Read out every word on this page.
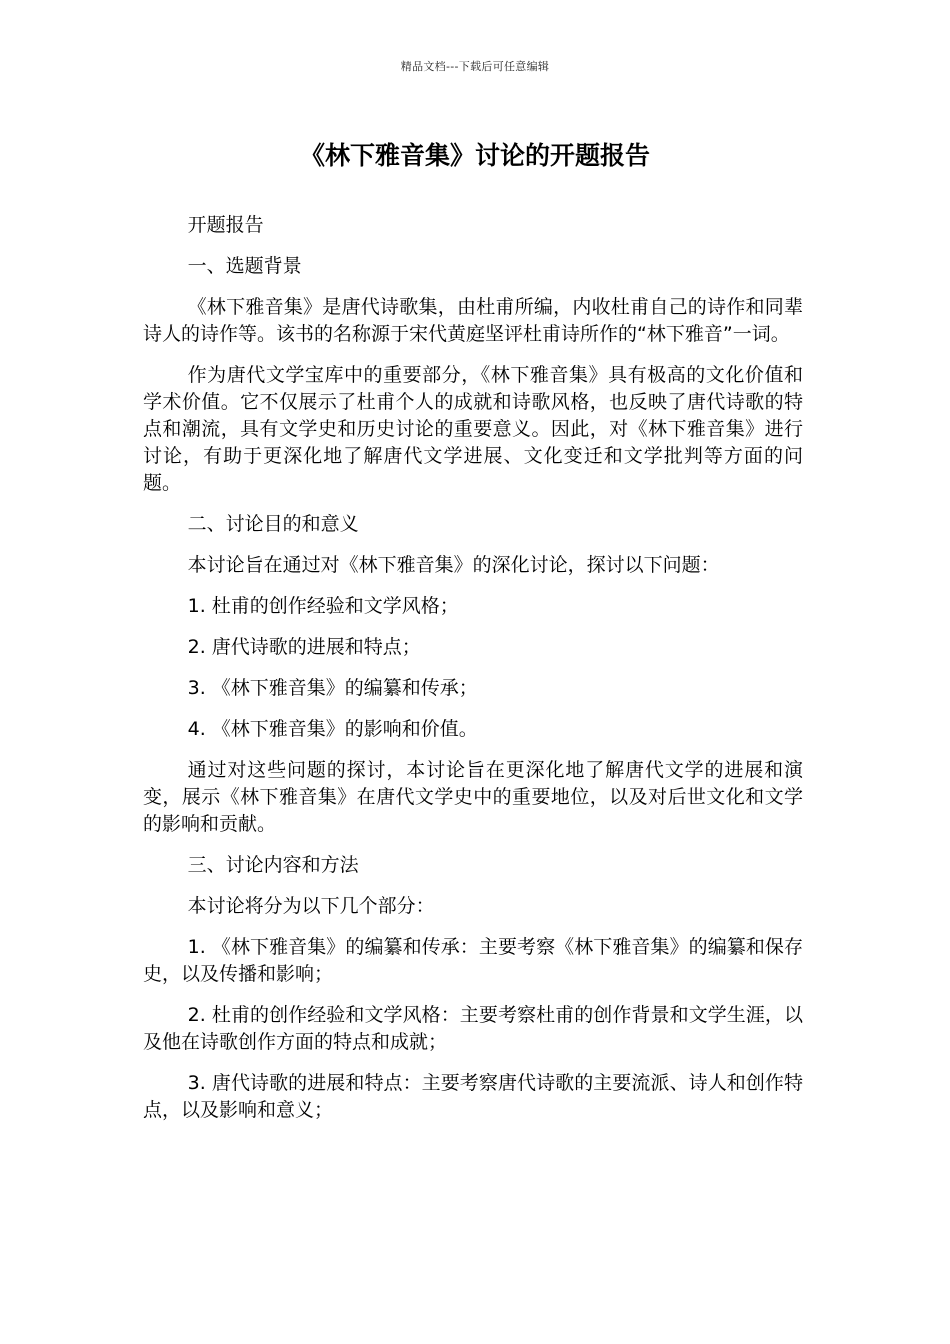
精品文档---下载后可任意编辑
《林下雅音集》讨论的开题报告

开题报告

一、选题背景

《林下雅音集》是唐代诗歌集，由杜甫所编，内收杜甫自己的诗作和同辈诗人的诗作等。该书的名称源于宋代黄庭坚评杜甫诗所作的“林下雅音”一词。

作为唐代文学宝库中的重要部分，《林下雅音集》具有极高的文化价值和学术价值。它不仅展示了杜甫个人的成就和诗歌风格，也反映了唐代诗歌的特点和潮流，具有文学史和历史讨论的重要意义。因此，对《林下雅音集》进行讨论，有助于更深化地了解唐代文学进展、文化变迁和文学批判等方面的问题。

二、讨论目的和意义

本讨论旨在通过对《林下雅音集》的深化讨论，探讨以下问题：

1. 杜甫的创作经验和文学风格；

2. 唐代诗歌的进展和特点；

3. 《林下雅音集》的编纂和传承；

4. 《林下雅音集》的影响和价值。

通过对这些问题的探讨，本讨论旨在更深化地了解唐代文学的进展和演变，展示《林下雅音集》在唐代文学史中的重要地位，以及对后世文化和文学的影响和贡献。

三、讨论内容和方法

本讨论将分为以下几个部分：

1. 《林下雅音集》的编纂和传承：主要考察《林下雅音集》的编纂和保存史，以及传播和影响；

2. 杜甫的创作经验和文学风格：主要考察杜甫的创作背景和文学生涯，以及他在诗歌创作方面的特点和成就；

3. 唐代诗歌的进展和特点：主要考察唐代诗歌的主要流派、诗人和创作特点，以及影响和意义；
